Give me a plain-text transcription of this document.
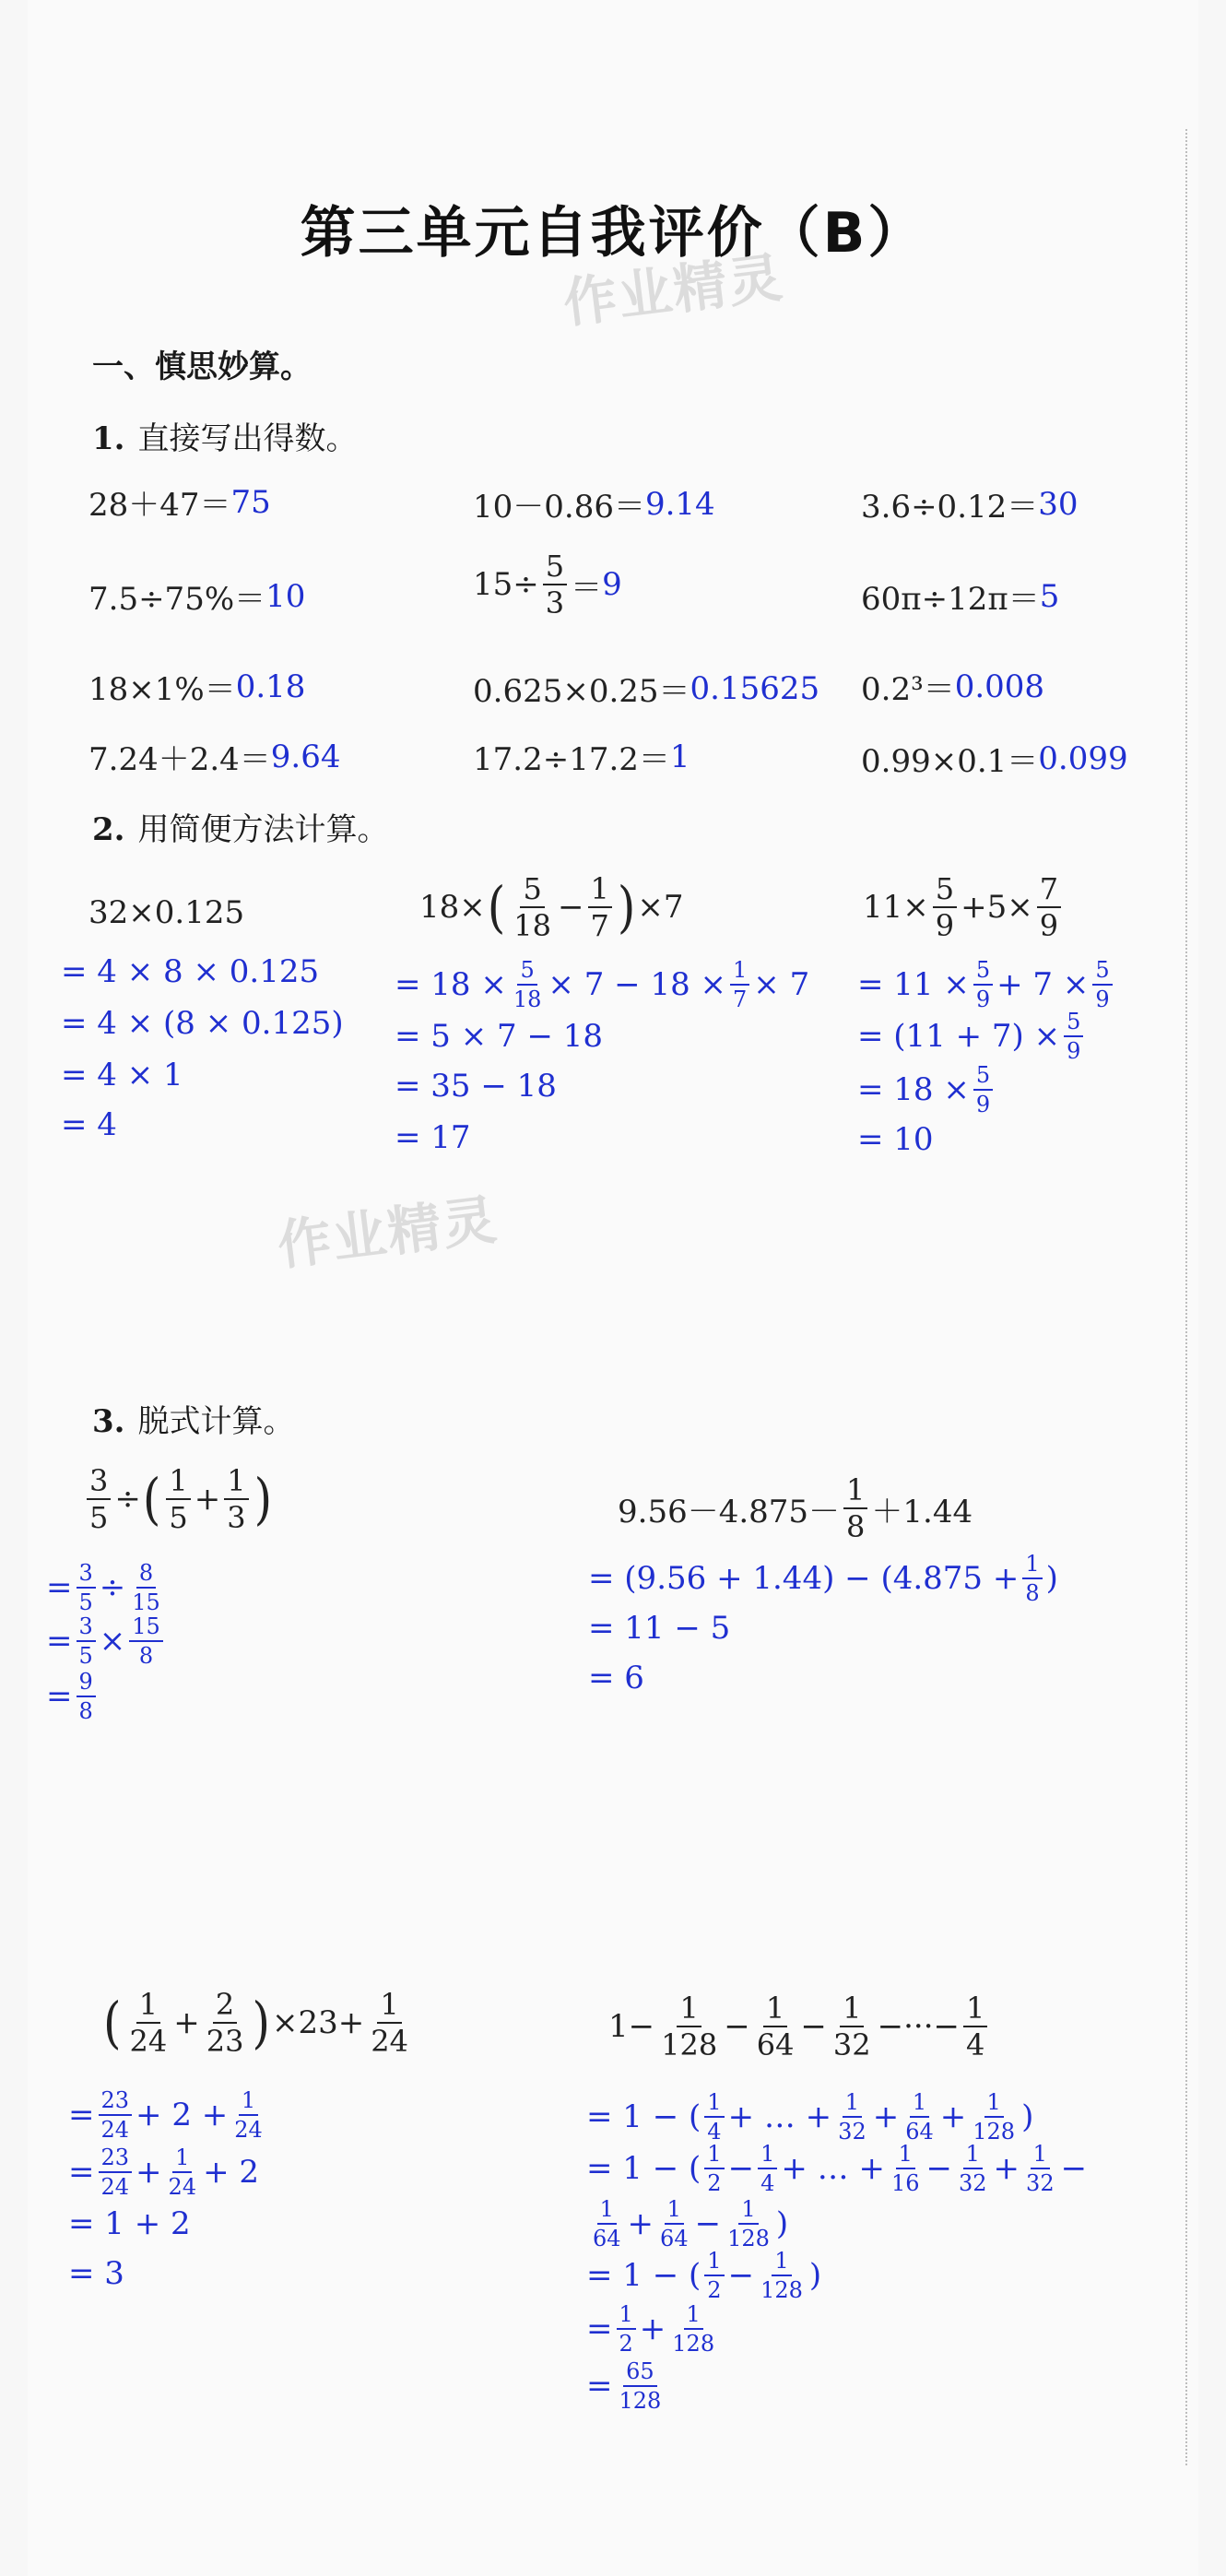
第三单元自我评价（B）
作业精灵
作业精灵
一、慎思妙算。
1. 直接写出得数。
28＋47＝ 75	10－0.86＝ 9.14	3.6÷0.12＝ 30
7.5÷75%＝ 10	$15\div \frac{5}{3} = 9$	60π÷12π＝ 5
18×1%＝ 0.18	0.625×0.25＝ 0.15625 0.2³＝ 0.008
7.24＋2.4＝ 9.64	17.2÷17.2＝ 1	0.99×0.1＝ 0.099
2. 用简便方法计算。
32×0.125
= 4 × 8 × 0.125
= 4 × (8 × 0.125)
= 4 × 1
= 4
18× ( 5
18 − 1
7 ) ×7
= 18 × 5
18 × 7 − 18 × 1
7 × 7
= 5 × 7 − 18
= 35 − 18
= 17
11× 5
9 +5× 7
9
= 11 × 5
9 + 7 × 5
9
= (11 + 7) × 5
9
= 18 × 5
9
= 10
3. 脱式计算。
3
5 ÷ ( 1
5 + 1
3 )
= 3
5 ÷ 8
15
= 3
5 × 15
8
= 9
8
9.56－4.875－
1
8 ＋1.44
= (9.56 + 1.44) − (4.875 + 1
8 )
= 11 − 5
= 6
( 1
24 + 2
23 ) ×23+ 1
24
= 23
24 + 2 + 1
24
= 23
24 + 1
24 + 2
= 1 + 2
= 3
1− 1
128 − 1
64 − 1
32 −···− 1
4
= 1 − ( 1
4 + … + 1
32 + 1
64 + 1
128 )
= 1 − ( 1
2 − 1
4 + … + 1
16 − 1
32 + 1
32 −
1
64 + 1
64 − 1
128 )
= 1 − ( 1
2 − 1
128 )
= 1
2 + 1
128
= 65
128
